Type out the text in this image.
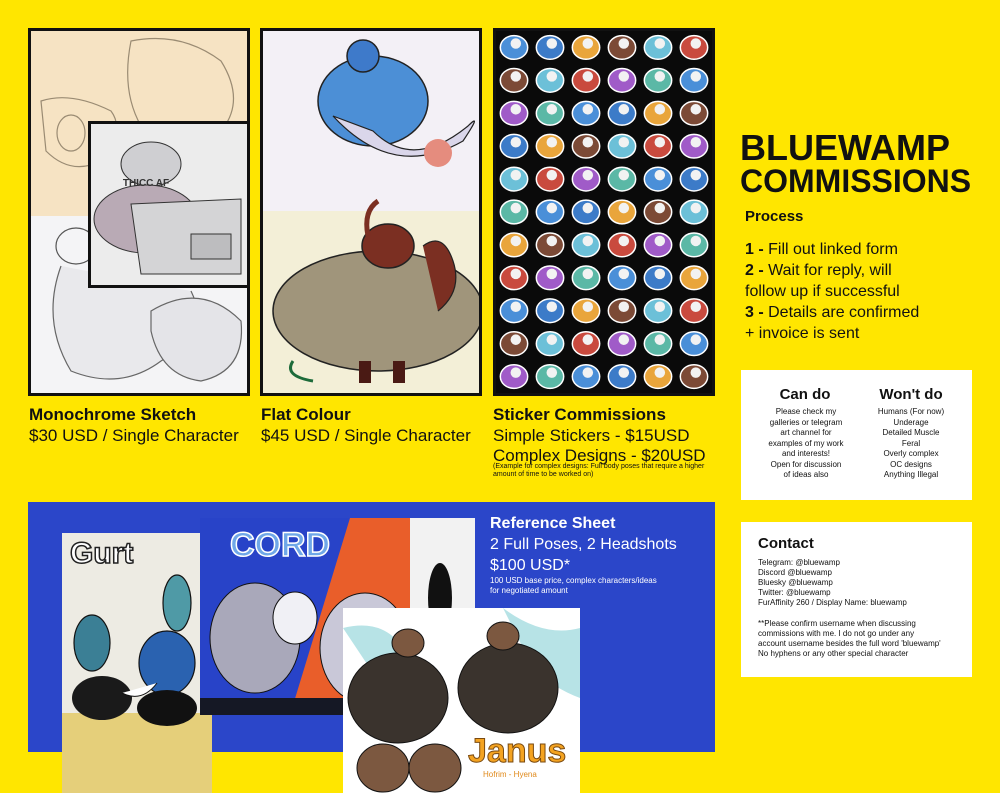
THICC AF
Monochrome Sketch
$30 USD / Single Character
Flat Colour
$45 USD / Single Character
Sticker Commissions
Simple Stickers - $15USD
Complex Designs - $20USD
(Example for complex designs: Full body poses that require a higher
amount of time to be worked on)
BLUEWAMP
COMMISSIONS
Process
1 - Fill out linked form
2 - Wait for reply, will
follow up if successful
3 - Details are confirmed
+ invoice is sent
Can do
Please check my
galleries or telegram
art channel for
examples of my work
and interests!
Open for discussion
of ideas also
Won't do
Humans (For now)
Underage
Detailed Muscle
Feral
Overly complex
OC designs
Anything Illegal
Contact
Telegram: @bluewamp
Discord @bluewamp
Bluesky @bluewamp
Twitter: @bluewamp
FurAffinity 260 / Display Name: bluewamp
**Please confirm username when discussing
commissions with me. I do not go under any
account username besides the full word 'bluewamp'
No hyphens or any other special character
Gurt	CORD
Janus
Hofrim - Hyena
Reference Sheet
2 Full Poses, 2 Headshots
$100 USD*
100 USD base price, complex characters/ideas
for negotiated amount
